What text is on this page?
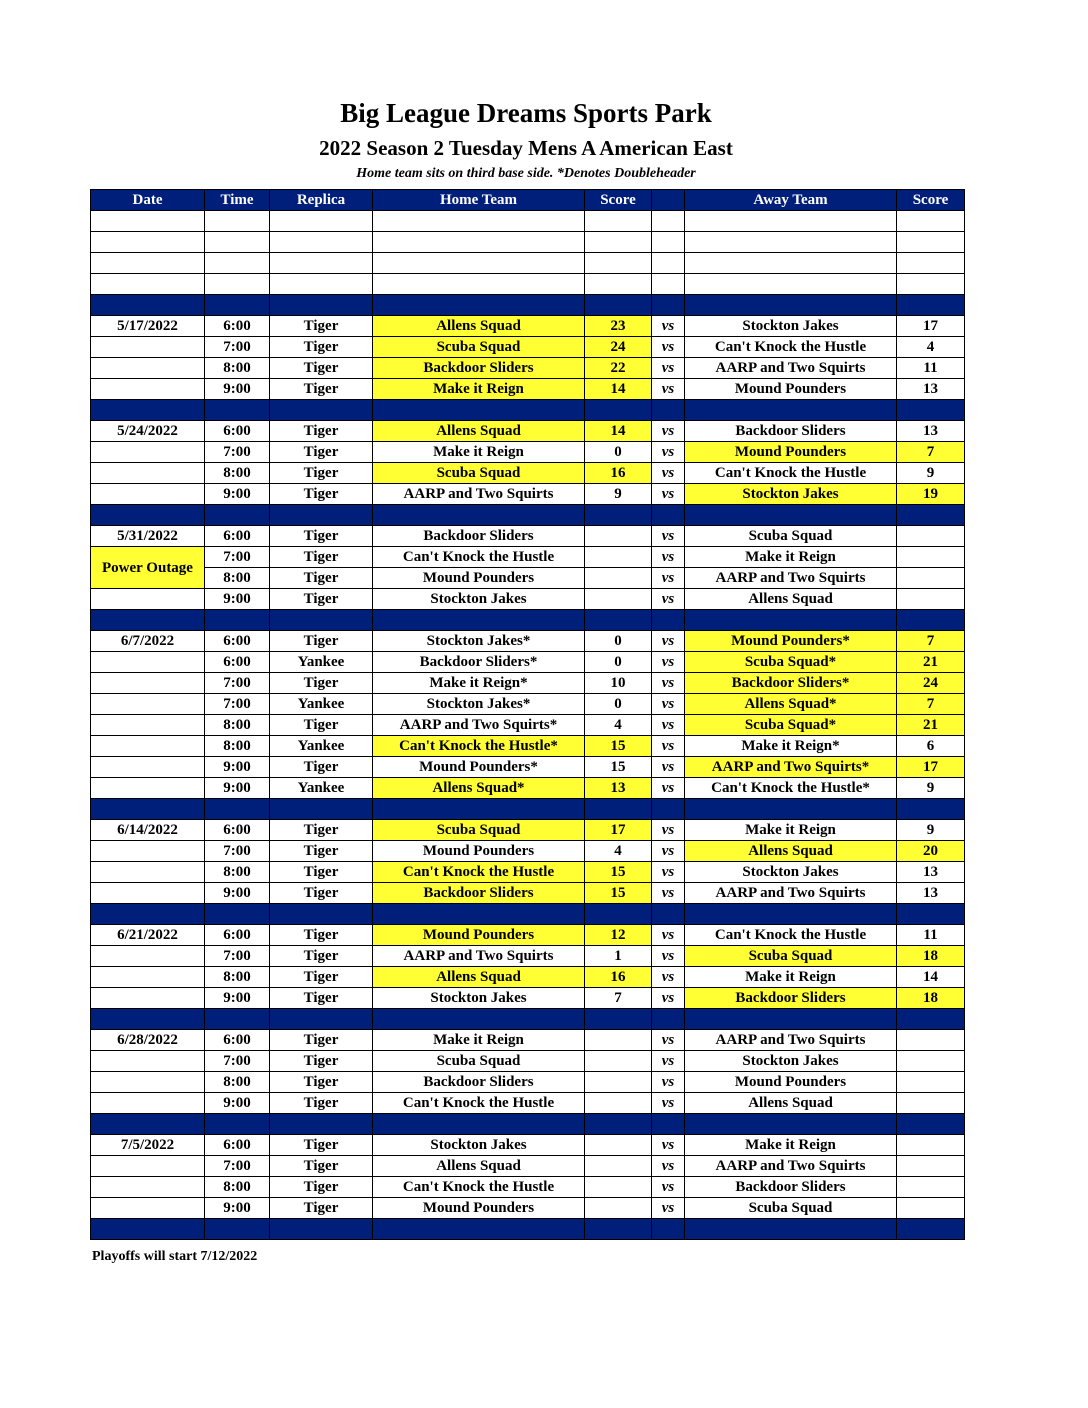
Big League Dreams Sports Park
2022 Season 2 Tuesday Mens A American East
Home team sits on third base side. *Denotes Doubleheader
Date	Time	Replica	Home Team	Score		Away Team	Score

5/17/2022	6:00	Tiger	Allens Squad	23	vs	Stockton Jakes	17
	7:00	Tiger	Scuba Squad	24	vs	Can't Knock the Hustle	4
	8:00	Tiger	Backdoor Sliders	22	vs	AARP and Two Squirts	11
	9:00	Tiger	Make it Reign	14	vs	Mound Pounders	13

5/24/2022	6:00	Tiger	Allens Squad	14	vs	Backdoor Sliders	13
	7:00	Tiger	Make it Reign	0	vs	Mound Pounders	7
	8:00	Tiger	Scuba Squad	16	vs	Can't Knock the Hustle	9
	9:00	Tiger	AARP and Two Squirts	9	vs	Stockton Jakes	19

5/31/2022	6:00	Tiger	Backdoor Sliders		vs	Scuba Squad	
Power Outage	7:00	Tiger	Can't Knock the Hustle		vs	Make it Reign	
	8:00	Tiger	Mound Pounders		vs	AARP and Two Squirts	
	9:00	Tiger	Stockton Jakes		vs	Allens Squad	

6/7/2022	6:00	Tiger	Stockton Jakes*	0	vs	Mound Pounders*	7
	6:00	Yankee	Backdoor Sliders*	0	vs	Scuba Squad*	21
	7:00	Tiger	Make it Reign*	10	vs	Backdoor Sliders*	24
	7:00	Yankee	Stockton Jakes*	0	vs	Allens Squad*	7
	8:00	Tiger	AARP and Two Squirts*	4	vs	Scuba Squad*	21
	8:00	Yankee	Can't Knock the Hustle*	15	vs	Make it Reign*	6
	9:00	Tiger	Mound Pounders*	15	vs	AARP and Two Squirts*	17
	9:00	Yankee	Allens Squad*	13	vs	Can't Knock the Hustle*	9

6/14/2022	6:00	Tiger	Scuba Squad	17	vs	Make it Reign	9
	7:00	Tiger	Mound Pounders	4	vs	Allens Squad	20
	8:00	Tiger	Can't Knock the Hustle	15	vs	Stockton Jakes	13
	9:00	Tiger	Backdoor Sliders	15	vs	AARP and Two Squirts	13

6/21/2022	6:00	Tiger	Mound Pounders	12	vs	Can't Knock the Hustle	11
	7:00	Tiger	AARP and Two Squirts	1	vs	Scuba Squad	18
	8:00	Tiger	Allens Squad	16	vs	Make it Reign	14
	9:00	Tiger	Stockton Jakes	7	vs	Backdoor Sliders	18

6/28/2022	6:00	Tiger	Make it Reign		vs	AARP and Two Squirts	
	7:00	Tiger	Scuba Squad		vs	Stockton Jakes	
	8:00	Tiger	Backdoor Sliders		vs	Mound Pounders	
	9:00	Tiger	Can't Knock the Hustle		vs	Allens Squad	

7/5/2022	6:00	Tiger	Stockton Jakes		vs	Make it Reign	
	7:00	Tiger	Allens Squad		vs	AARP and Two Squirts	
	8:00	Tiger	Can't Knock the Hustle		vs	Backdoor Sliders	
	9:00	Tiger	Mound Pounders		vs	Scuba Squad	

Playoffs will start 7/12/2022
